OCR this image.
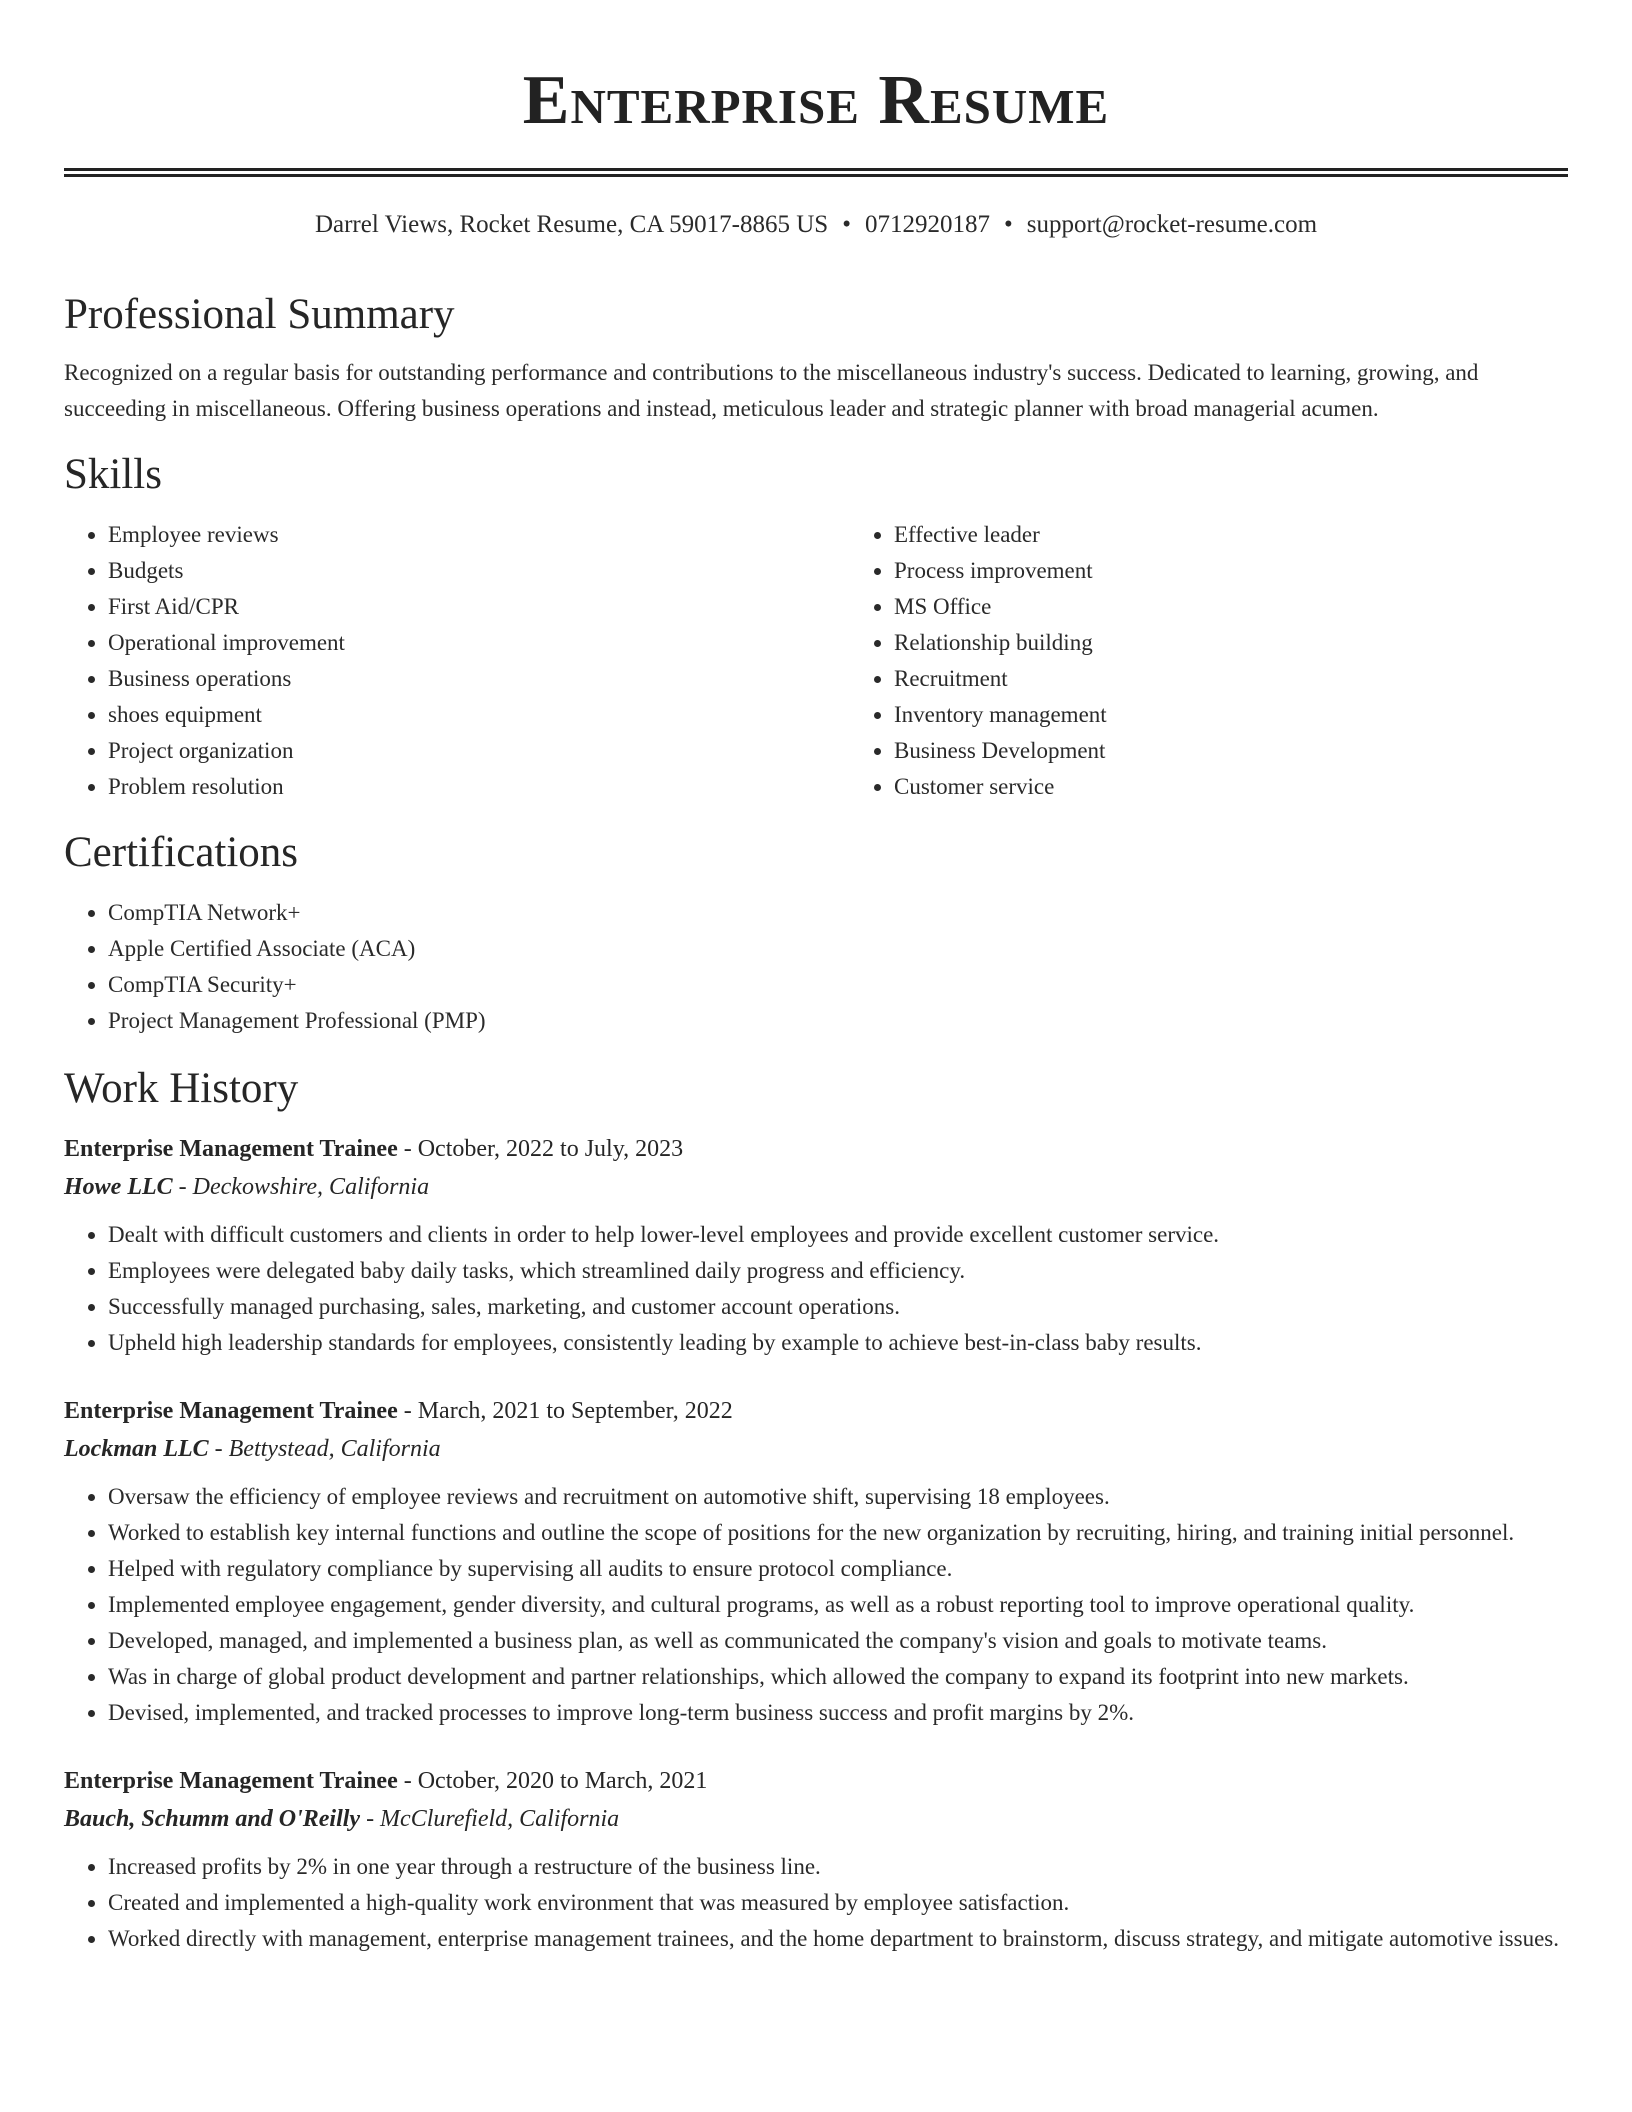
Enterprise Resume
Darrel Views, Rocket Resume, CA 59017-8865 US • 0712920187 • support@rocket-resume.com
Professional Summary

Recognized on a regular basis for outstanding performance and contributions to the miscellaneous industry's success. Dedicated to learning, growing, and succeeding in miscellaneous. Offering business operations and instead, meticulous leader and strategic planner with broad managerial acumen.

Skills
• Employee reviews
• Budgets
• First Aid/CPR
• Operational improvement
• Business operations
• shoes equipment
• Project organization
• Problem resolution
• Effective leader
• Process improvement
• MS Office
• Relationship building
• Recruitment
• Inventory management
• Business Development
• Customer service
Certifications
• CompTIA Network+
• Apple Certified Associate (ACA)
• CompTIA Security+
• Project Management Professional (PMP)
Work History
Enterprise Management Trainee - October, 2022 to July, 2023
Howe LLC - Deckowshire, California
• Dealt with difficult customers and clients in order to help lower-level employees and provide excellent customer service.
• Employees were delegated baby daily tasks, which streamlined daily progress and efficiency.
• Successfully managed purchasing, sales, marketing, and customer account operations.
• Upheld high leadership standards for employees, consistently leading by example to achieve best-in-class baby results.
Enterprise Management Trainee - March, 2021 to September, 2022
Lockman LLC - Bettystead, California
• Oversaw the efficiency of employee reviews and recruitment on automotive shift, supervising 18 employees.
• Worked to establish key internal functions and outline the scope of positions for the new organization by recruiting, hiring, and training initial personnel.
• Helped with regulatory compliance by supervising all audits to ensure protocol compliance.
• Implemented employee engagement, gender diversity, and cultural programs, as well as a robust reporting tool to improve operational quality.
• Developed, managed, and implemented a business plan, as well as communicated the company's vision and goals to motivate teams.
• Was in charge of global product development and partner relationships, which allowed the company to expand its footprint into new markets.
• Devised, implemented, and tracked processes to improve long-term business success and profit margins by 2%.
Enterprise Management Trainee - October, 2020 to March, 2021
Bauch, Schumm and O'Reilly - McClurefield, California
• Increased profits by 2% in one year through a restructure of the business line.
• Created and implemented a high-quality work environment that was measured by employee satisfaction.
• Worked directly with management, enterprise management trainees, and the home department to brainstorm, discuss strategy, and mitigate automotive issues.
